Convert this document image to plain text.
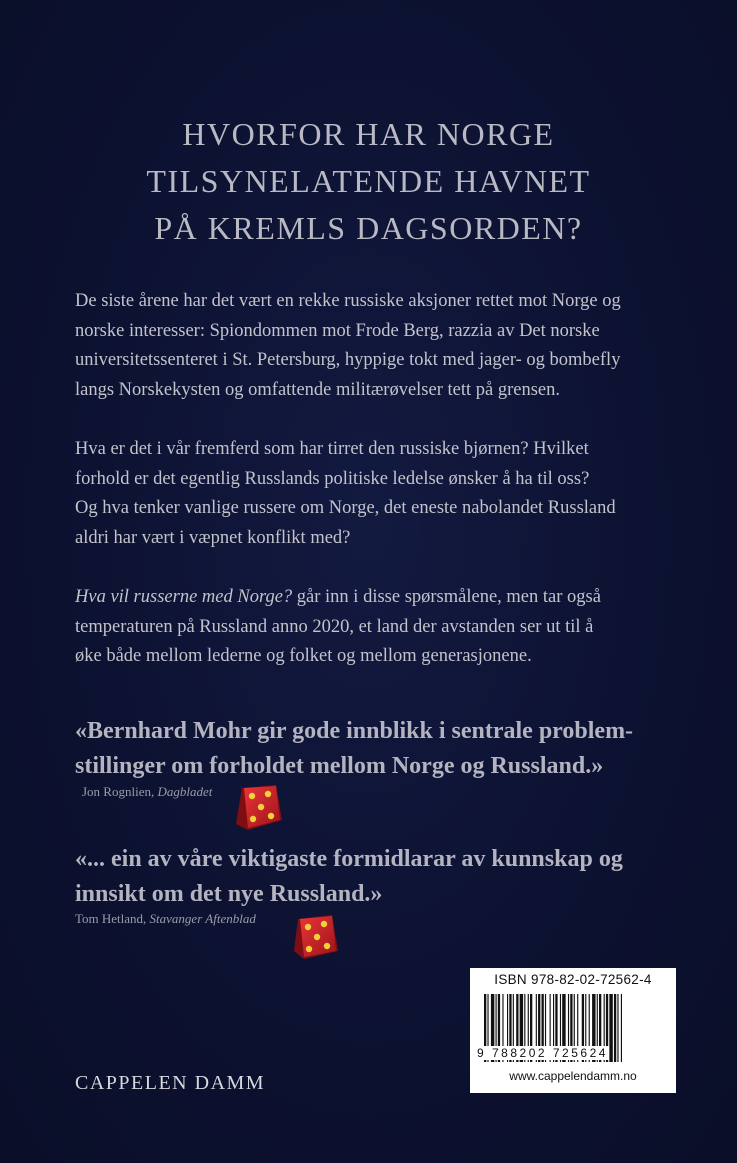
HVORFOR HAR NORGE
TILSYNELATENDE HAVNET
PÅ KREMLS DAGSORDEN?
De siste årene har det vært en rekke russiske aksjoner rettet mot Norge og
norske interesser: Spiondommen mot Frode Berg, razzia av Det norske
universitetssenteret i St. Petersburg, hyppige tokt med jager- og bombefly
langs Norskekysten og omfattende militærøvelser tett på grensen.
Hva er det i vår fremferd som har tirret den russiske bjørnen? Hvilket
forhold er det egentlig Russlands politiske ledelse ønsker å ha til oss?
Og hva tenker vanlige russere om Norge, det eneste nabolandet Russland
aldri har vært i væpnet konflikt med?
Hva vil russerne med Norge? går inn i disse spørsmålene, men tar også
temperaturen på Russland anno 2020, et land der avstanden ser ut til å
øke både mellom lederne og folket og mellom generasjonene.
«Bernhard Mohr gir gode innblikk i sentrale problem-
stillinger om forholdet mellom Norge og Russland.»
Jon Rognlien, Dagbladet
«... ein av våre viktigaste formidlarar av kunnskap og
innsikt om det nye Russland.»
Tom Hetland, Stavanger Aftenblad
CAPPELEN DAMM
ISBN 978-82-02-72562-4
9 788202 725624
www.cappelendamm.no
